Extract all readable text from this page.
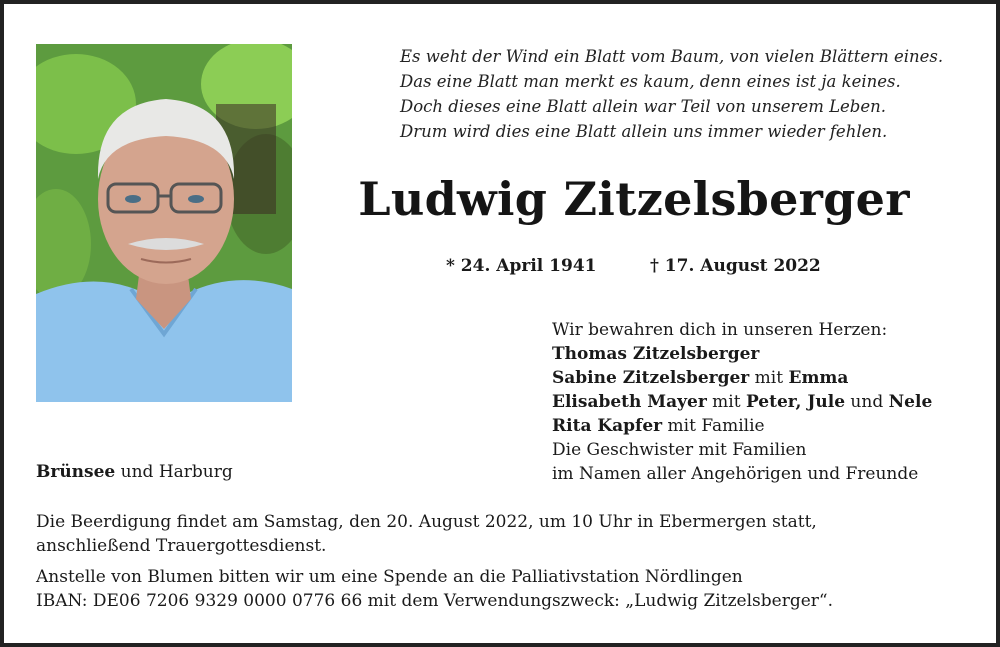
Es weht der Wind ein Blatt vom Baum, von vielen Blättern eines.
Das eine Blatt man merkt es kaum, denn eines ist ja keines.
Doch dieses eine Blatt allein war Teil von unserem Leben.
Drum wird dies eine Blatt allein uns immer wieder fehlen.
Ludwig Zitzelsberger
* 24. April 1941	† 17. August 2022
Wir bewahren dich in unseren Herzen:
Thomas Zitzelsberger
Sabine Zitzelsberger mit Emma
Elisabeth Mayer mit Peter, Jule und Nele
Rita Kapfer mit Familie
Die Geschwister mit Familien
im Namen aller Angehörigen und Freunde
Brünsee und Harburg
Die Beerdigung findet am Samstag, den 20. August 2022, um 10 Uhr in Ebermergen statt,
anschließend Trauergottesdienst.
Anstelle von Blumen bitten wir um eine Spende an die Palliativstation Nördlingen
IBAN: DE06 7206 9329 0000 0776 66 mit dem Verwendungszweck: „Ludwig Zitzelsberger“.
